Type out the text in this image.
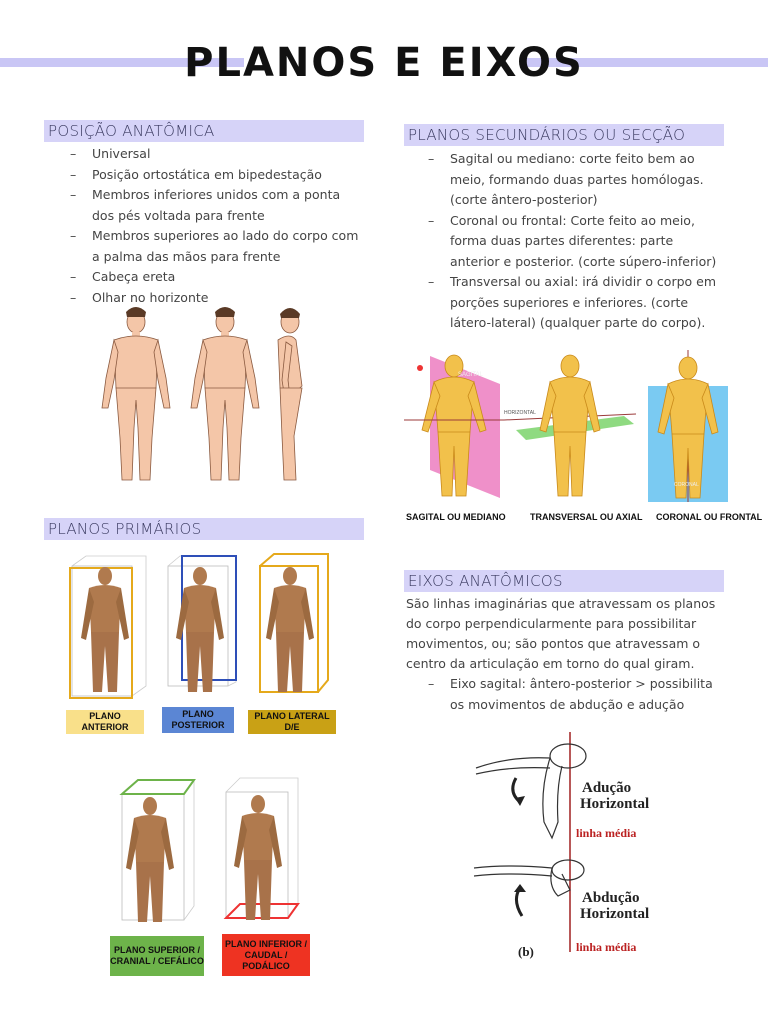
PLANOS E EIXOS
POSIÇÃO ANATÔMICA
– Universal
– Posição ortostática em bipedestação
– Membros inferiores unidos com a ponta dos pés voltada para frente
– Membros superiores ao lado do corpo com a palma das mãos para frente
– Cabeça ereta
– Olhar no horizonte
PLANOS SECUNDÁRIOS OU SECÇÃO
– Sagital ou mediano: corte feito bem ao meio, formando duas partes homólogas. (corte ântero-posterior)
– Coronal ou frontal: Corte feito ao meio, forma duas partes diferentes: parte anterior e posterior. (corte súpero-inferior)
– Transversal ou axial: irá dividir o corpo em porções superiores e inferiores. (corte látero-lateral) (qualquer parte do corpo).
SAGITAL
HORIZONTAL
CORONAL
SAGITAL OU MEDIANO	TRANSVERSAL OU AXIAL CORONAL OU FRONTAL
PLANOS PRIMÁRIOS
PLANO ANTERIOR
PLANO POSTERIOR
PLANO LATERAL D/E
PLANO SUPERIOR / CRANIAL / CEFÁLICO
PLANO INFERIOR / CAUDAL / PODÁLICO
EIXOS ANATÔMICOS
São linhas imaginárias que atravessam os planos do corpo perpendicularmente para possibilitar movimentos, ou; são pontos que atravessam o centro da articulação em torno do qual giram.
– Eixo sagital: ântero-posterior > possibilita os movimentos de abdução e adução
Adução
Horizontal
linha média
Abdução
Horizontal
(b)	linha média
